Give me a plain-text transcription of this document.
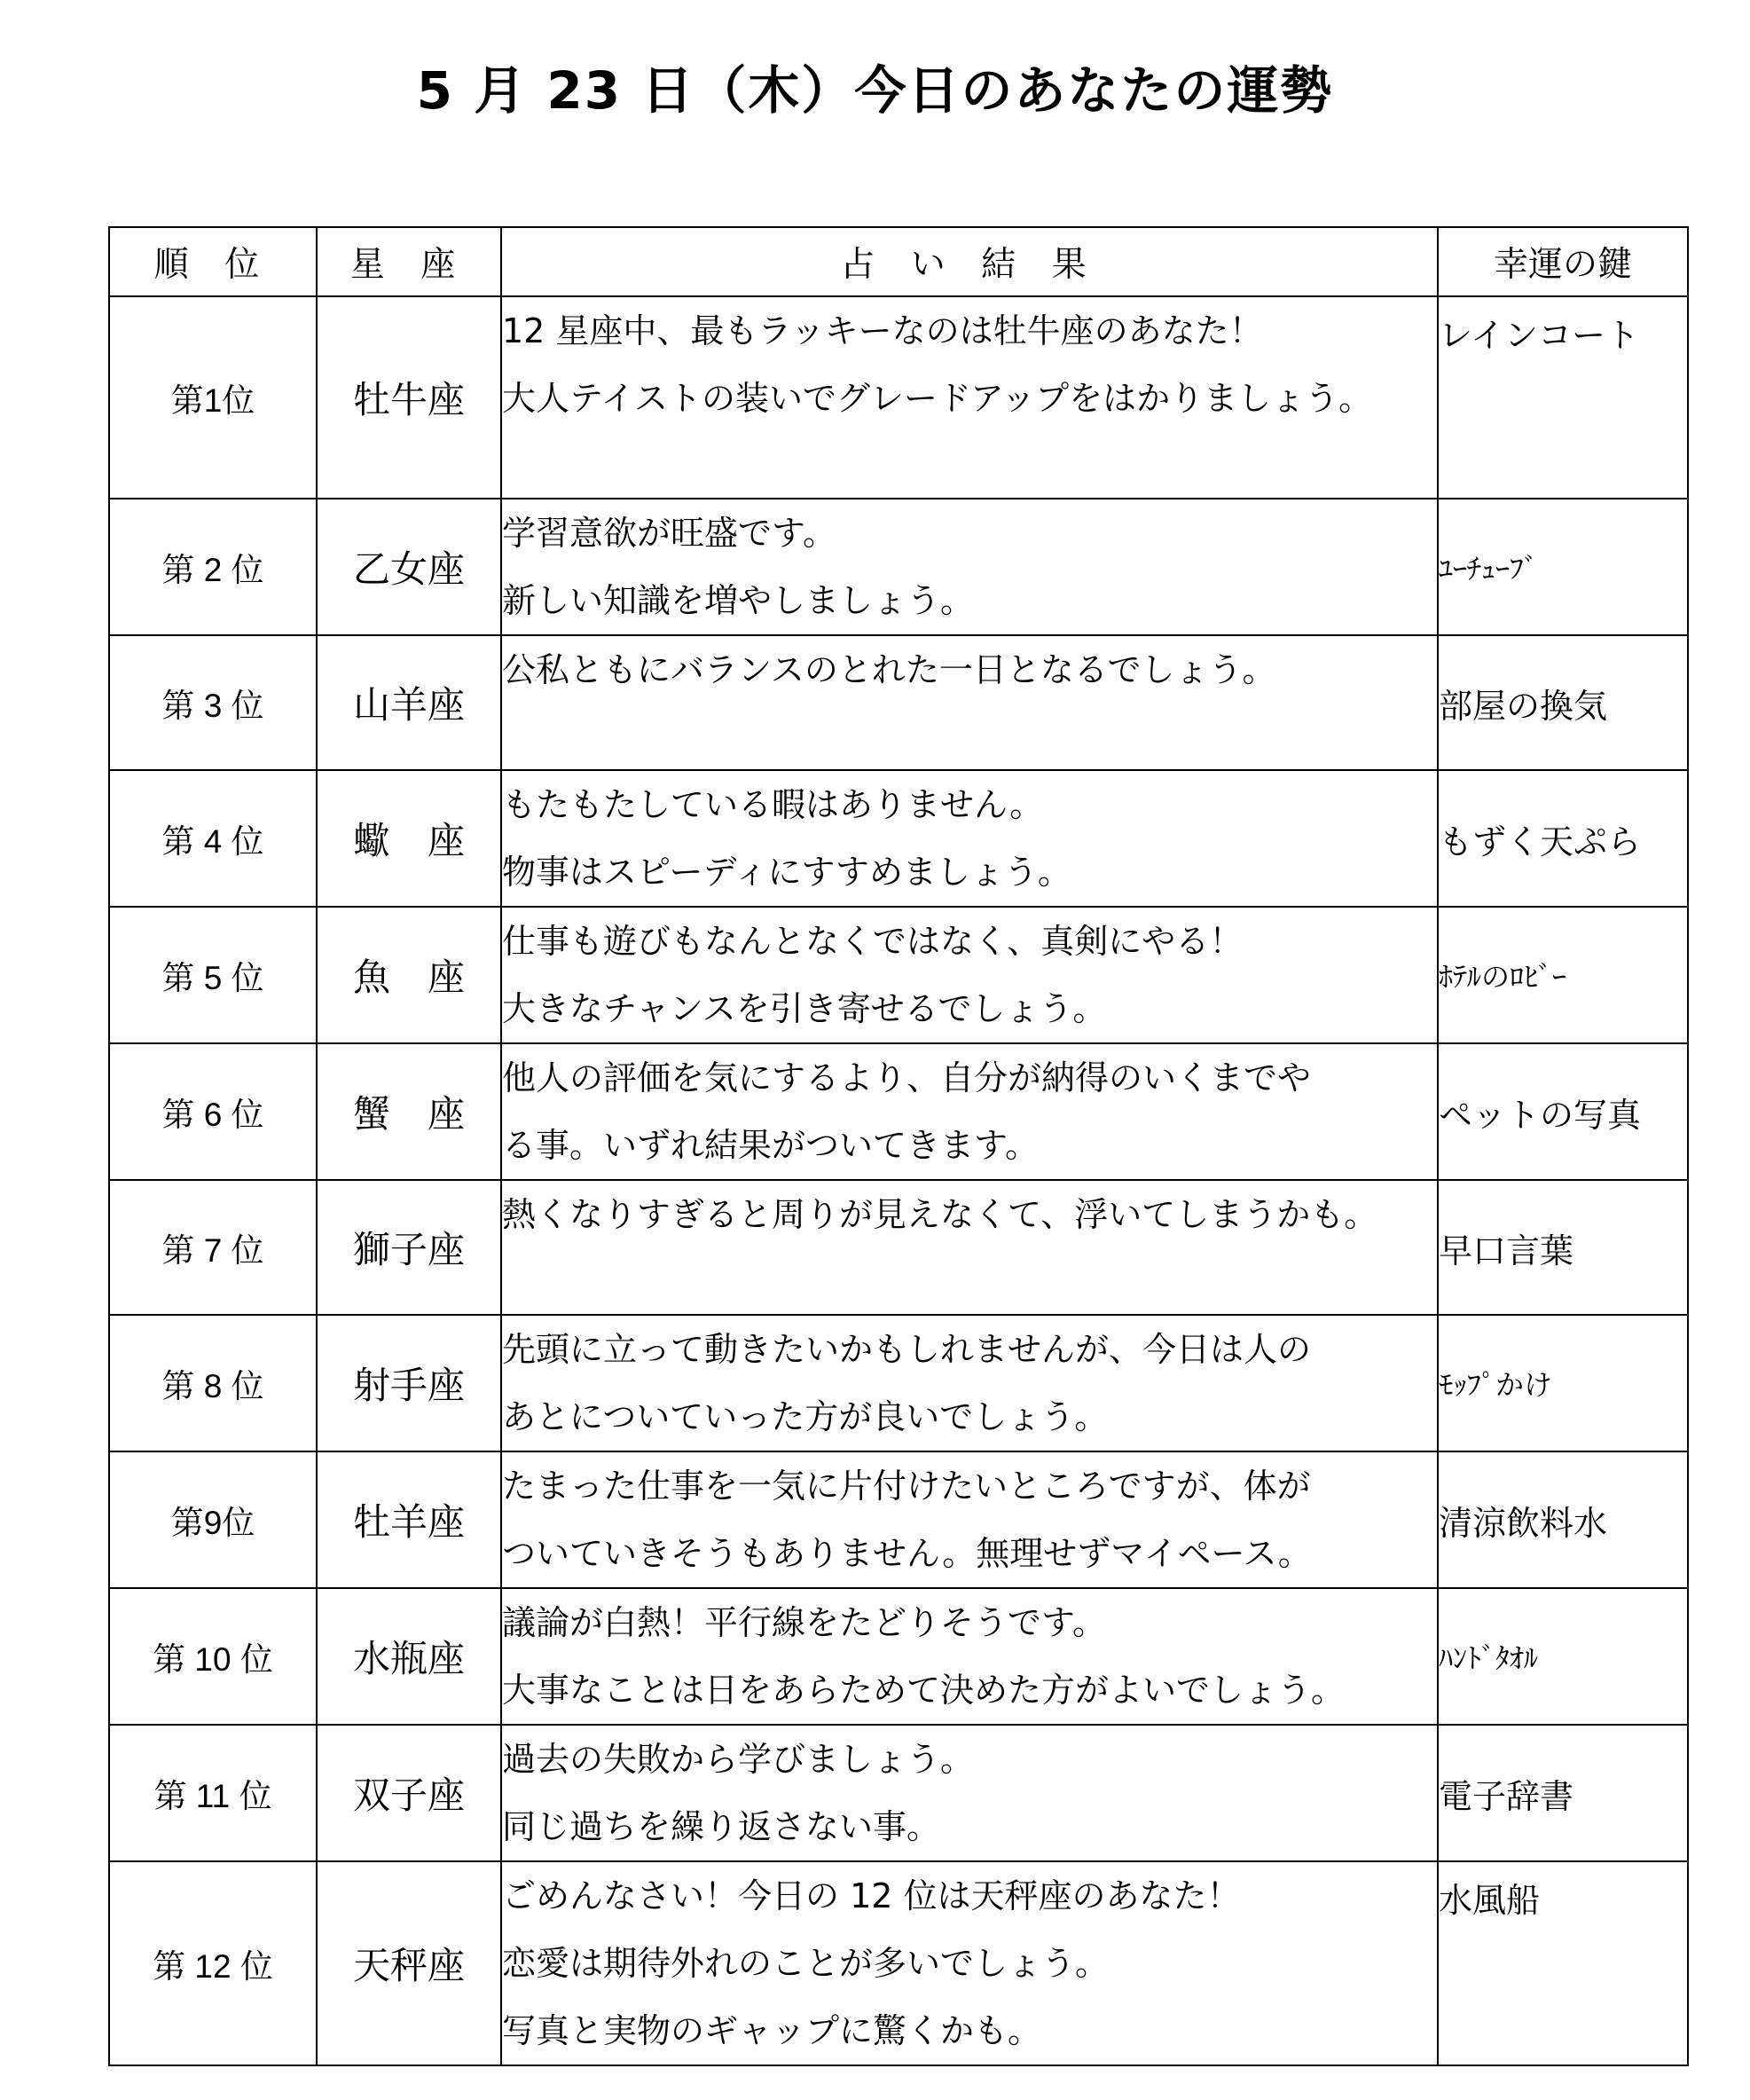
5 月 23 日（木）今日のあなたの運勢
順 位	星 座	占 い 結 果	幸運の鍵
第1位	牡牛座	12 星座中、最もラッキーなのは牡牛座のあなた！
大人テイストの装いでグレードアップをはかりましょう。	レインコート
第 2 位	乙女座	学習意欲が旺盛です。
新しい知識を増やしましょう。	ﾕｰﾁｭｰﾌﾞ
第 3 位	山羊座	公私ともにバランスのとれた一日となるでしょう。	部屋の換気
第 4 位	蠍　座	もたもたしている暇はありません。
物事はスピーディにすすめましょう。	もずく天ぷら
第 5 位	魚　座	仕事も遊びもなんとなくではなく、真剣にやる！
大きなチャンスを引き寄せるでしょう。	ﾎﾃﾙのﾛﾋﾞｰ
第 6 位	蟹　座	他人の評価を気にするより、自分が納得のいくまでや
る事。いずれ結果がついてきます。	ペットの写真
第 7 位	獅子座	熱くなりすぎると周りが見えなくて、浮いてしまうかも。	早口言葉
第 8 位	射手座	先頭に立って動きたいかもしれませんが、今日は人の
あとについていった方が良いでしょう。	ﾓｯﾌﾟかけ
第9位	牡羊座	たまった仕事を一気に片付けたいところですが、体が
ついていきそうもありません。無理せずマイペース。	清涼飲料水
第 10 位	水瓶座	議論が白熱！平行線をたどりそうです。
大事なことは日をあらためて決めた方がよいでしょう。	ﾊﾝﾄﾞﾀｵﾙ
第 11 位	双子座	過去の失敗から学びましょう。
同じ過ちを繰り返さない事。	電子辞書
第 12 位	天秤座	ごめんなさい！今日の 12 位は天秤座のあなた！
恋愛は期待外れのことが多いでしょう。
写真と実物のギャップに驚くかも。	水風船
